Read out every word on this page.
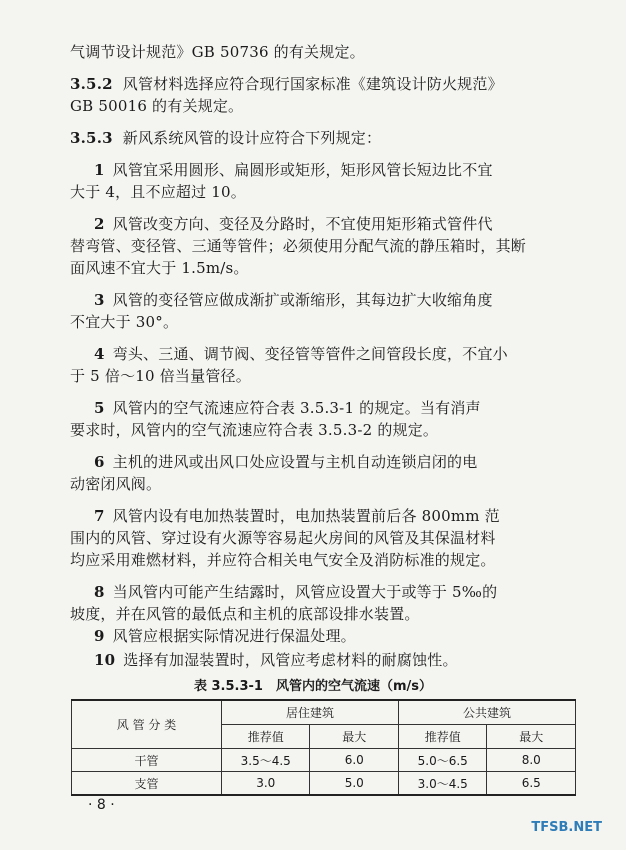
气调节设计规范》GB 50736 的有关规定。
3.5.2 风管材料选择应符合现行国家标准《建筑设计防火规范》
GB 50016 的有关规定。
3.5.3 新风系统风管的设计应符合下列规定：
1 风管宜采用圆形、扁圆形或矩形，矩形风管长短边比不宜
大于 4，且不应超过 10。
2 风管改变方向、变径及分路时，不宜使用矩形箱式管件代
替弯管、变径管、三通等管件；必须使用分配气流的静压箱时，其断
面风速不宜大于 1.5m/s。
3 风管的变径管应做成渐扩或渐缩形，其每边扩大收缩角度
不宜大于 30°。
4 弯头、三通、调节阀、变径管等管件之间管段长度，不宜小
于 5 倍～10 倍当量管径。
5 风管内的空气流速应符合表 3.5.3-1 的规定。当有消声
要求时，风管内的空气流速应符合表 3.5.3-2 的规定。
6 主机的进风或出风口处应设置与主机自动连锁启闭的电
动密闭风阀。
7 风管内设有电加热装置时，电加热装置前后各 800mm 范
围内的风管、穿过设有火源等容易起火房间的风管及其保温材料
均应采用难燃材料，并应符合相关电气安全及消防标准的规定。
8 当风管内可能产生结露时，风管应设置大于或等于 5‰的
坡度，并在风管的最低点和主机的底部设排水装置。
9 风管应根据实际情况进行保温处理。
10 选择有加湿装置时，风管应考虑材料的耐腐蚀性。
表 3.5.3-1　风管内的空气流速（m/s）
风 管 分 类	居住建筑		公共建筑	
	推荐值	最大	推荐值	最大
干管	3.5～4.5	6.0	5.0～6.5	8.0
支管	3.0	5.0	3.0～4.5	6.5
· 8 ·
TFSB.NET
